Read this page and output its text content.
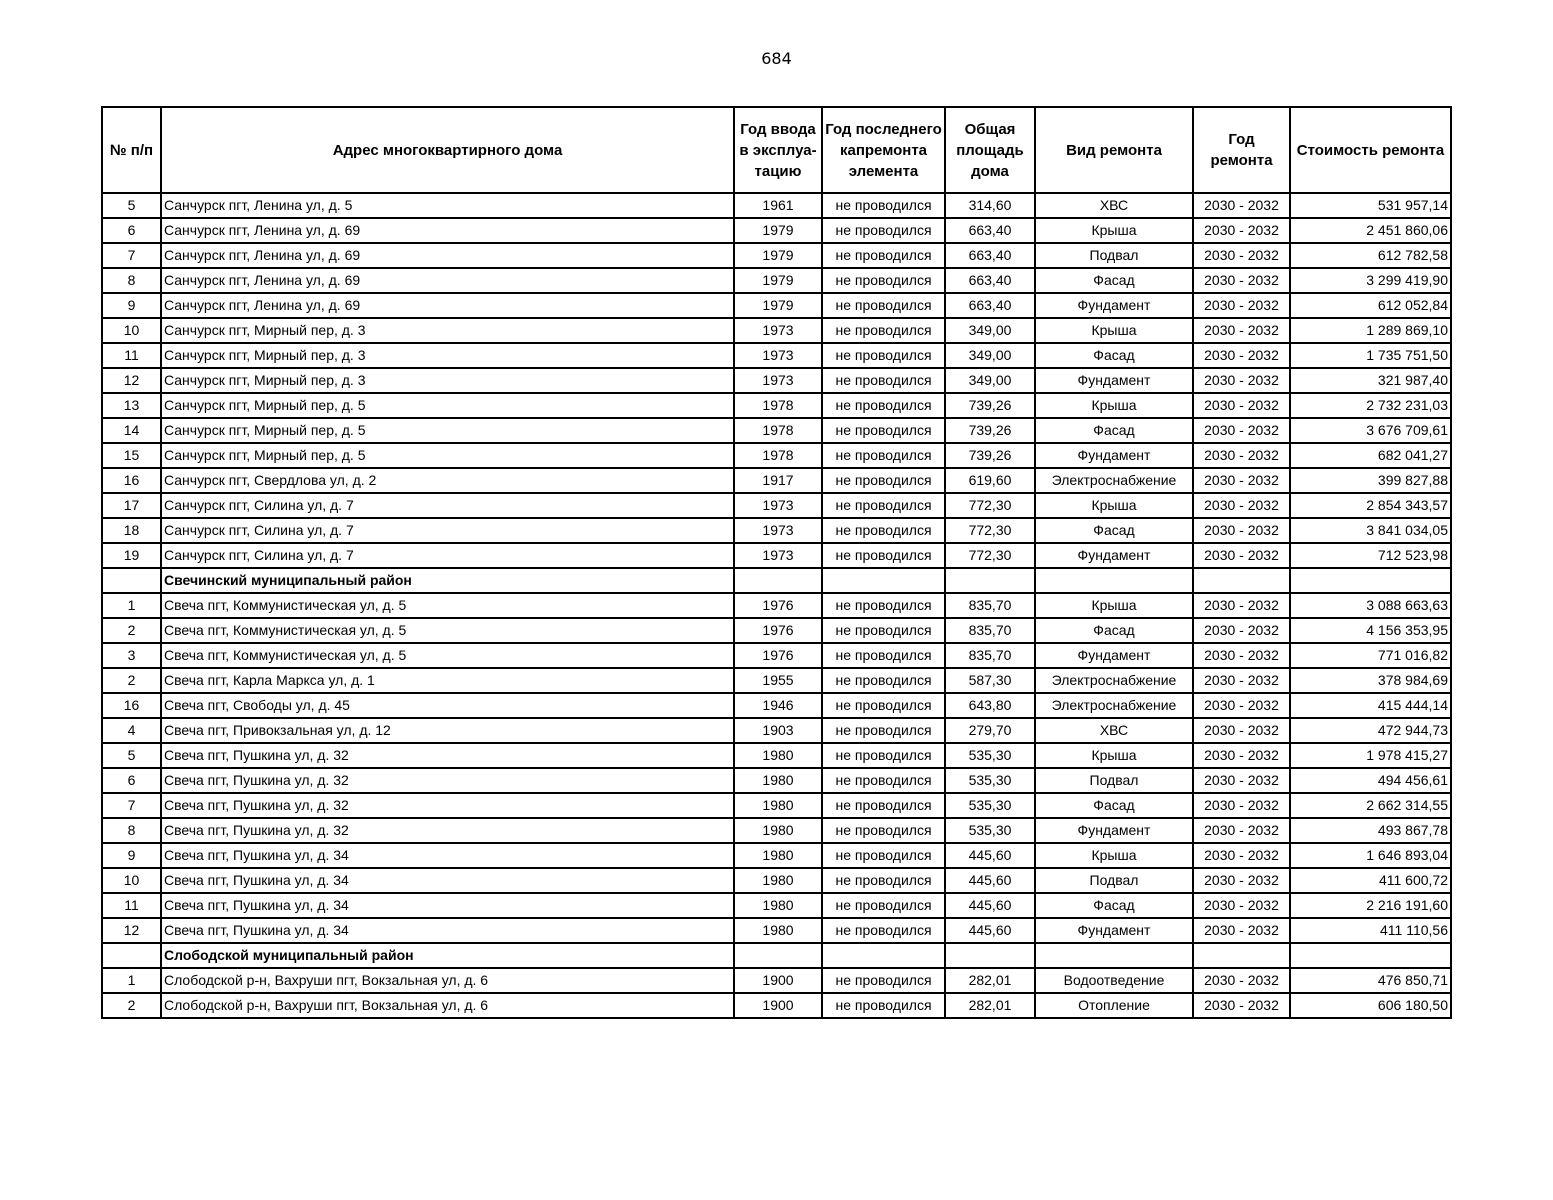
684
№ п/п	Адрес многоквартирного дома	Год ввода в эксплуа-тацию	Год последнего капремонта элемента	Общая площадь дома	Вид ремонта	Год ремонта	Стоимость ремонта
5	Санчурск пгт, Ленина ул, д. 5	1961	не проводился	314,60	ХВС	2030 - 2032	531 957,14
6	Санчурск пгт, Ленина ул, д. 69	1979	не проводился	663,40	Крыша	2030 - 2032	2 451 860,06
7	Санчурск пгт, Ленина ул, д. 69	1979	не проводился	663,40	Подвал	2030 - 2032	612 782,58
8	Санчурск пгт, Ленина ул, д. 69	1979	не проводился	663,40	Фасад	2030 - 2032	3 299 419,90
9	Санчурск пгт, Ленина ул, д. 69	1979	не проводился	663,40	Фундамент	2030 - 2032	612 052,84
10	Санчурск пгт, Мирный пер, д. 3	1973	не проводился	349,00	Крыша	2030 - 2032	1 289 869,10
11	Санчурск пгт, Мирный пер, д. 3	1973	не проводился	349,00	Фасад	2030 - 2032	1 735 751,50
12	Санчурск пгт, Мирный пер, д. 3	1973	не проводился	349,00	Фундамент	2030 - 2032	321 987,40
13	Санчурск пгт, Мирный пер, д. 5	1978	не проводился	739,26	Крыша	2030 - 2032	2 732 231,03
14	Санчурск пгт, Мирный пер, д. 5	1978	не проводился	739,26	Фасад	2030 - 2032	3 676 709,61
15	Санчурск пгт, Мирный пер, д. 5	1978	не проводился	739,26	Фундамент	2030 - 2032	682 041,27
16	Санчурск пгт, Свердлова ул, д. 2	1917	не проводился	619,60	Электроснабжение	2030 - 2032	399 827,88
17	Санчурск пгт, Силина ул, д. 7	1973	не проводился	772,30	Крыша	2030 - 2032	2 854 343,57
18	Санчурск пгт, Силина ул, д. 7	1973	не проводился	772,30	Фасад	2030 - 2032	3 841 034,05
19	Санчурск пгт, Силина ул, д. 7	1973	не проводился	772,30	Фундамент	2030 - 2032	712 523,98
	Свечинский муниципальный район						
1	Свеча пгт, Коммунистическая ул, д. 5	1976	не проводился	835,70	Крыша	2030 - 2032	3 088 663,63
2	Свеча пгт, Коммунистическая ул, д. 5	1976	не проводился	835,70	Фасад	2030 - 2032	4 156 353,95
3	Свеча пгт, Коммунистическая ул, д. 5	1976	не проводился	835,70	Фундамент	2030 - 2032	771 016,82
2	Свеча пгт, Карла Маркса ул, д. 1	1955	не проводился	587,30	Электроснабжение	2030 - 2032	378 984,69
16	Свеча пгт, Свободы ул, д. 45	1946	не проводился	643,80	Электроснабжение	2030 - 2032	415 444,14
4	Свеча пгт, Привокзальная ул, д. 12	1903	не проводился	279,70	ХВС	2030 - 2032	472 944,73
5	Свеча пгт, Пушкина ул, д. 32	1980	не проводился	535,30	Крыша	2030 - 2032	1 978 415,27
6	Свеча пгт, Пушкина ул, д. 32	1980	не проводился	535,30	Подвал	2030 - 2032	494 456,61
7	Свеча пгт, Пушкина ул, д. 32	1980	не проводился	535,30	Фасад	2030 - 2032	2 662 314,55
8	Свеча пгт, Пушкина ул, д. 32	1980	не проводился	535,30	Фундамент	2030 - 2032	493 867,78
9	Свеча пгт, Пушкина ул, д. 34	1980	не проводился	445,60	Крыша	2030 - 2032	1 646 893,04
10	Свеча пгт, Пушкина ул, д. 34	1980	не проводился	445,60	Подвал	2030 - 2032	411 600,72
11	Свеча пгт, Пушкина ул, д. 34	1980	не проводился	445,60	Фасад	2030 - 2032	2 216 191,60
12	Свеча пгт, Пушкина ул, д. 34	1980	не проводился	445,60	Фундамент	2030 - 2032	411 110,56
	Слободской муниципальный район						
1	Слободской р-н, Вахруши пгт, Вокзальная ул, д. 6	1900	не проводился	282,01	Водоотведение	2030 - 2032	476 850,71
2	Слободской р-н, Вахруши пгт, Вокзальная ул, д. 6	1900	не проводился	282,01	Отопление	2030 - 2032	606 180,50
